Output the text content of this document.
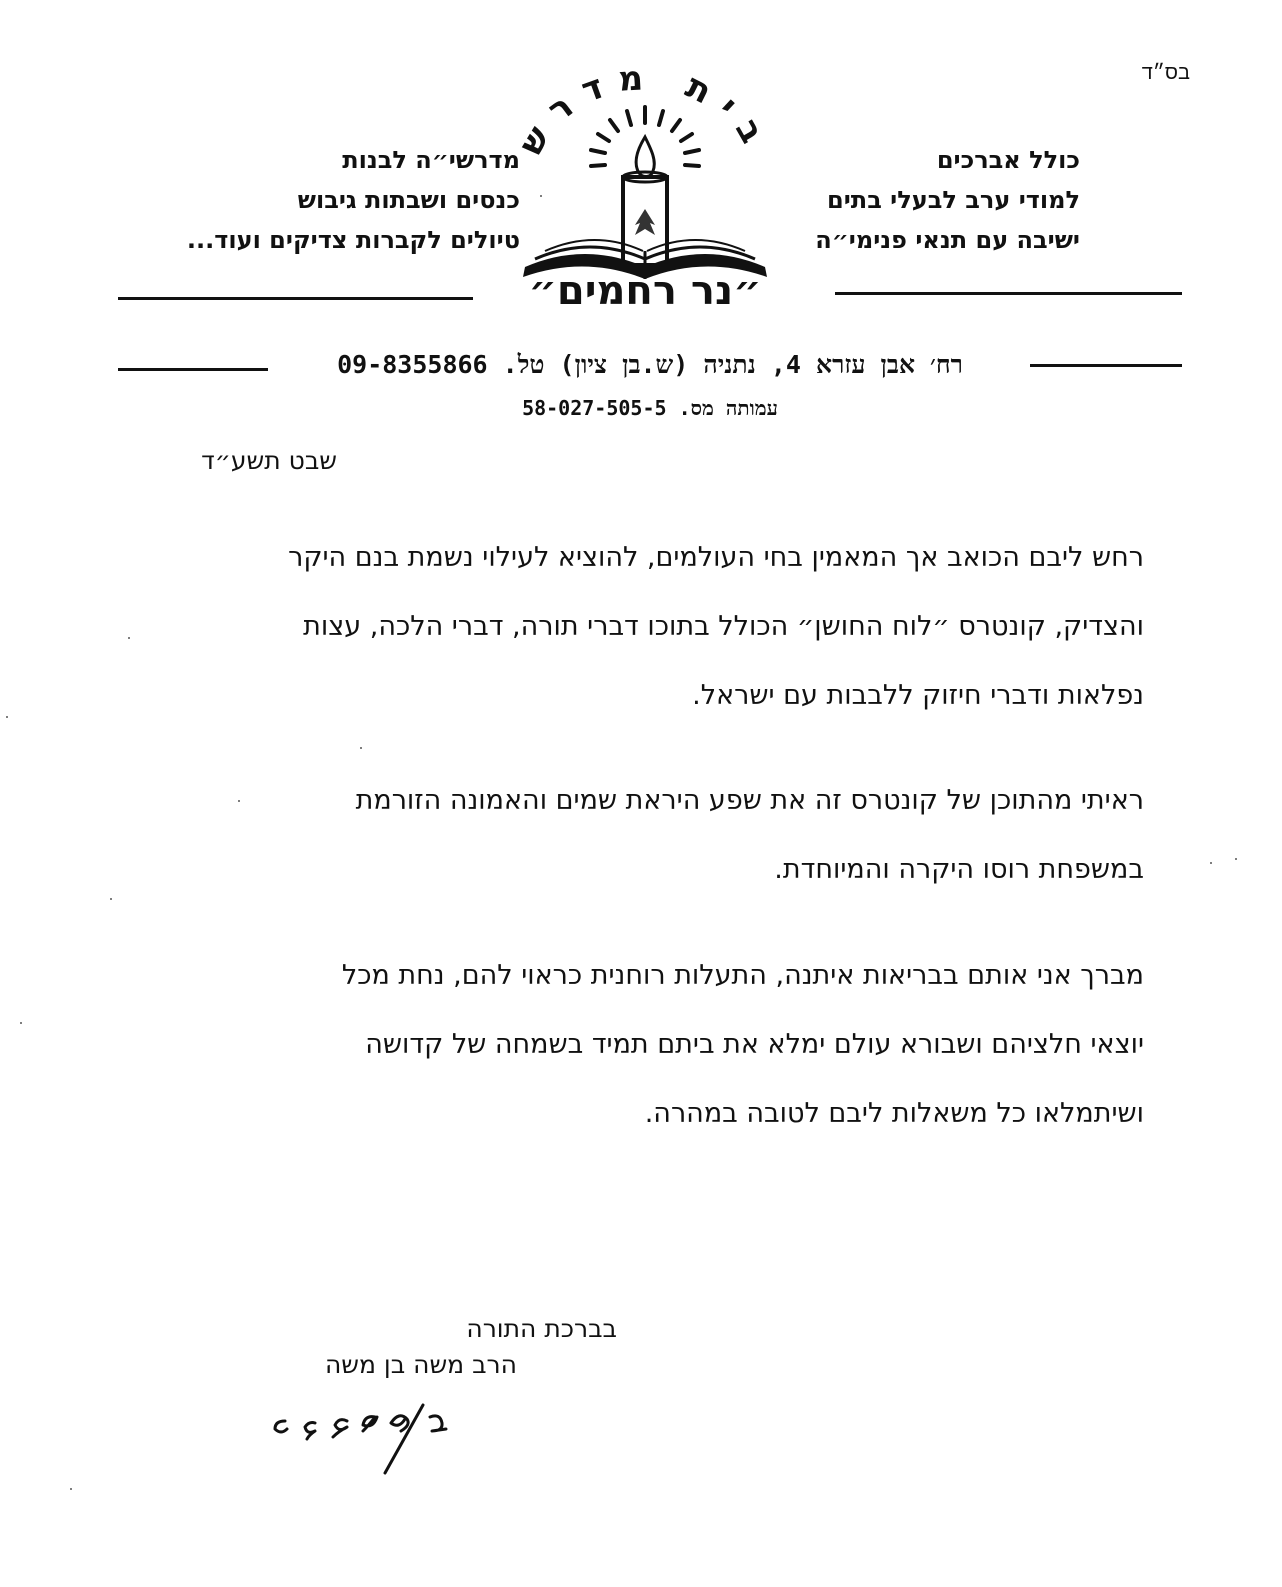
בס״ד
מדרשי״ה לבנות
כנסים ושבתות גיבוש
טיולים לקברות צדיקים ועוד...
כולל אברכים
למודי ערב לבעלי בתים
ישיבה עם תנאי פנימי״ה
בית מדרש
״נר רחמים״
רח׳ אבן עזרא 4, נתניה (ש.בן ציון) טל. 09-8355866
עמותה מס. 58-027-505-5
שבט תשע״ד
רחש ליבם הכואב אך המאמין בחי העולמים, להוציא לעילוי נשמת בנם היקר
והצדיק, קונטרס ״לוח החושן״ הכולל בתוכו דברי תורה, דברי הלכה, עצות
נפלאות ודברי חיזוק ללבבות עם ישראל.
ראיתי מהתוכן של קונטרס זה את שפע היראת שמים והאמונה הזורמת
במשפחת רוסו היקרה והמיוחדת.
מברך אני אותם בבריאות איתנה, התעלות רוחנית כראוי להם, נחת מכל
יוצאי חלציהם ושבורא עולם ימלא את ביתם תמיד בשמחה של קדושה
ושיתמלאו כל משאלות ליבם לטובה במהרה.
בברכת התורה
הרב משה בן משה
